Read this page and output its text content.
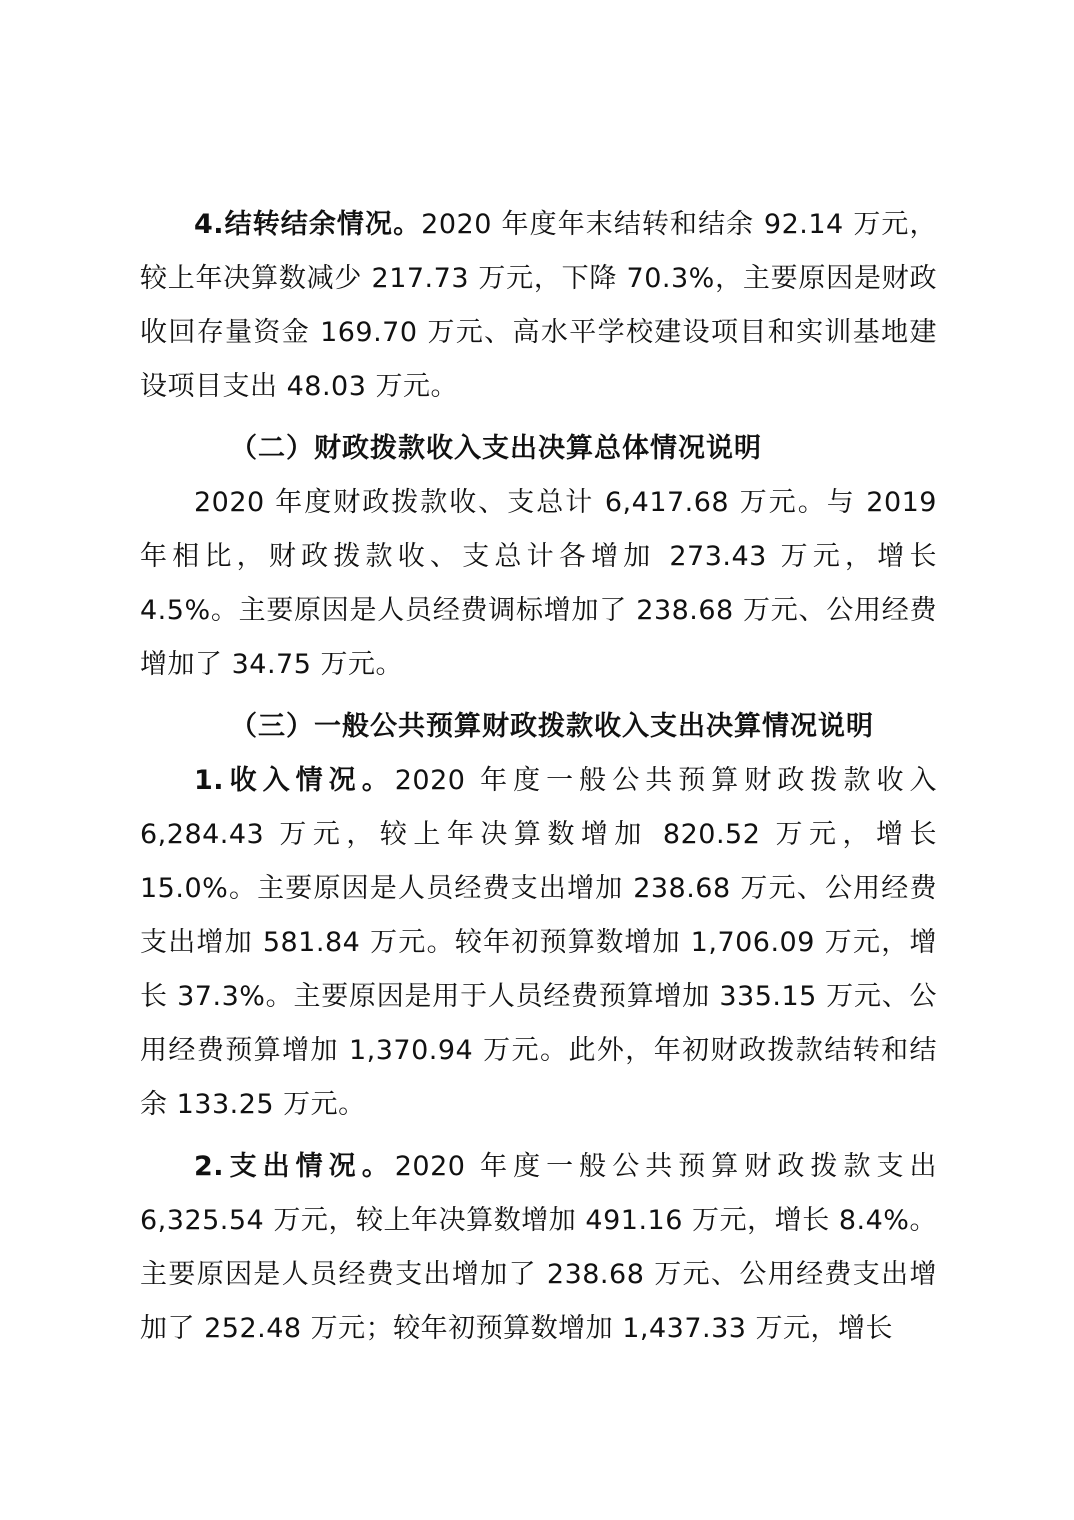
4.结转结余情况。2020 年度年末结转和结余 92.14 万元，较上年决算数减少 217.73 万元，下降 70.3%，主要原因是财政收回存量资金 169.70 万元、高水平学校建设项目和实训基地建设项目支出 48.03 万元。

（二）财政拨款收入支出决算总体情况说明

2020 年度财政拨款收、支总计 6,417.68 万元。与 2019 年相比，财政拨款收、支总计各增加 273.43 万元，增长 4.5%。主要原因是人员经费调标增加了 238.68 万元、公用经费增加了 34.75 万元。

（三）一般公共预算财政拨款收入支出决算情况说明

1.收入情况。2020 年度一般公共预算财政拨款收入 6,284.43 万元，较上年决算数增加 820.52 万元，增长 15.0%。主要原因是人员经费支出增加 238.68 万元、公用经费支出增加 581.84 万元。较年初预算数增加 1,706.09 万元，增长 37.3%。主要原因是用于人员经费预算增加 335.15 万元、公用经费预算增加 1,370.94 万元。此外，年初财政拨款结转和结余 133.25 万元。

2.支出情况。2020 年度一般公共预算财政拨款支出 6,325.54 万元，较上年决算数增加 491.16 万元，增长 8.4%。主要原因是人员经费支出增加了 238.68 万元、公用经费支出增加了 252.48 万元；较年初预算数增加 1,437.33 万元，增长
